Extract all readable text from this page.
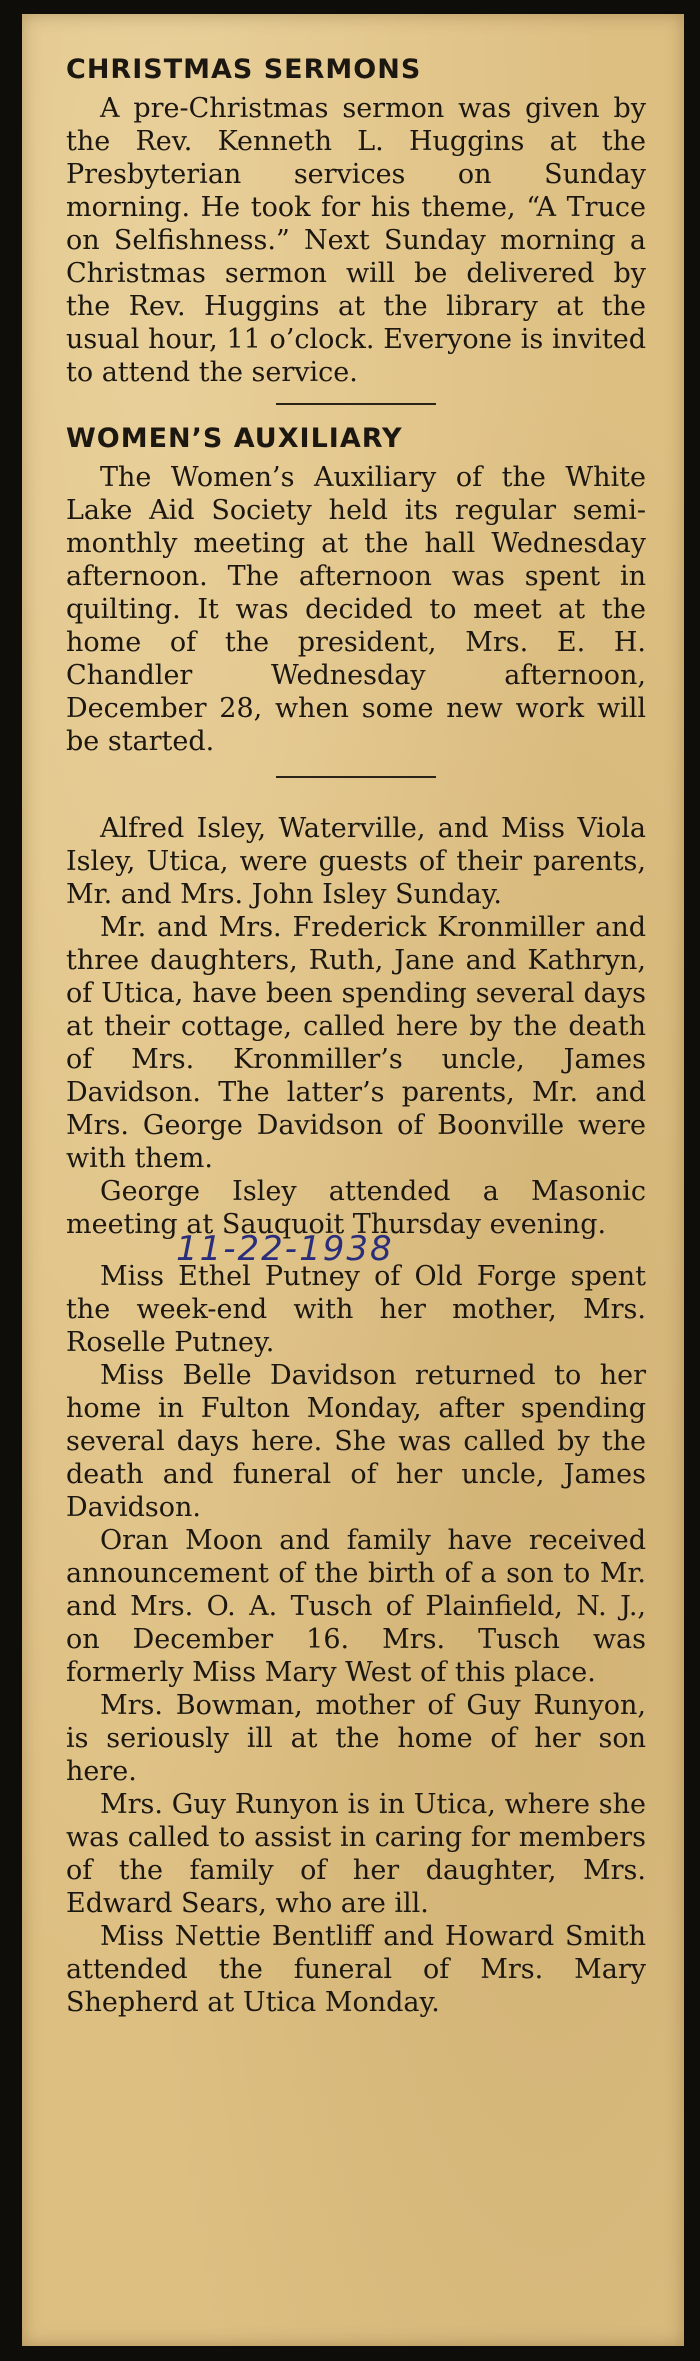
CHRISTMAS SERMONS

A pre-Christmas sermon was given by the Rev. Kenneth L. Huggins at the Presbyterian services on Sunday morning. He took for his theme, “A Truce on Selfishness.” Next Sunday morning a Christmas sermon will be delivered by the Rev. Huggins at the library at the usual hour, 11 o’clock. Everyone is invited to attend the service.

WOMEN’S AUXILIARY

The Women’s Auxiliary of the White Lake Aid Society held its regular semi-monthly meeting at the hall Wednesday afternoon. The afternoon was spent in quilting. It was decided to meet at the home of the president, Mrs. E. H. Chandler Wednesday afternoon, December 28, when some new work will be started.

Alfred Isley, Waterville, and Miss Viola Isley, Utica, were guests of their parents, Mr. and Mrs. John Isley Sunday.

Mr. and Mrs. Frederick Kronmiller and three daughters, Ruth, Jane and Kathryn, of Utica, have been spending several days at their cottage, called here by the death of Mrs. Kronmiller’s uncle, James Davidson. The latter’s parents, Mr. and Mrs. George Davidson of Boonville were with them.

George Isley attended a Masonic meeting at Sauquoit Thursday evening.

11-22-1938

Miss Ethel Putney of Old Forge spent the week-end with her mother, Mrs. Roselle Putney.

Miss Belle Davidson returned to her home in Fulton Monday, after spending several days here. She was called by the death and funeral of her uncle, James Davidson.

Oran Moon and family have received announcement of the birth of a son to Mr. and Mrs. O. A. Tusch of Plainfield, N. J., on December 16. Mrs. Tusch was formerly Miss Mary West of this place.

Mrs. Bowman, mother of Guy Runyon, is seriously ill at the home of her son here.

Mrs. Guy Runyon is in Utica, where she was called to assist in caring for members of the family of her daughter, Mrs. Edward Sears, who are ill.

Miss Nettie Bentliff and Howard Smith attended the funeral of Mrs. Mary Shepherd at Utica Monday.
